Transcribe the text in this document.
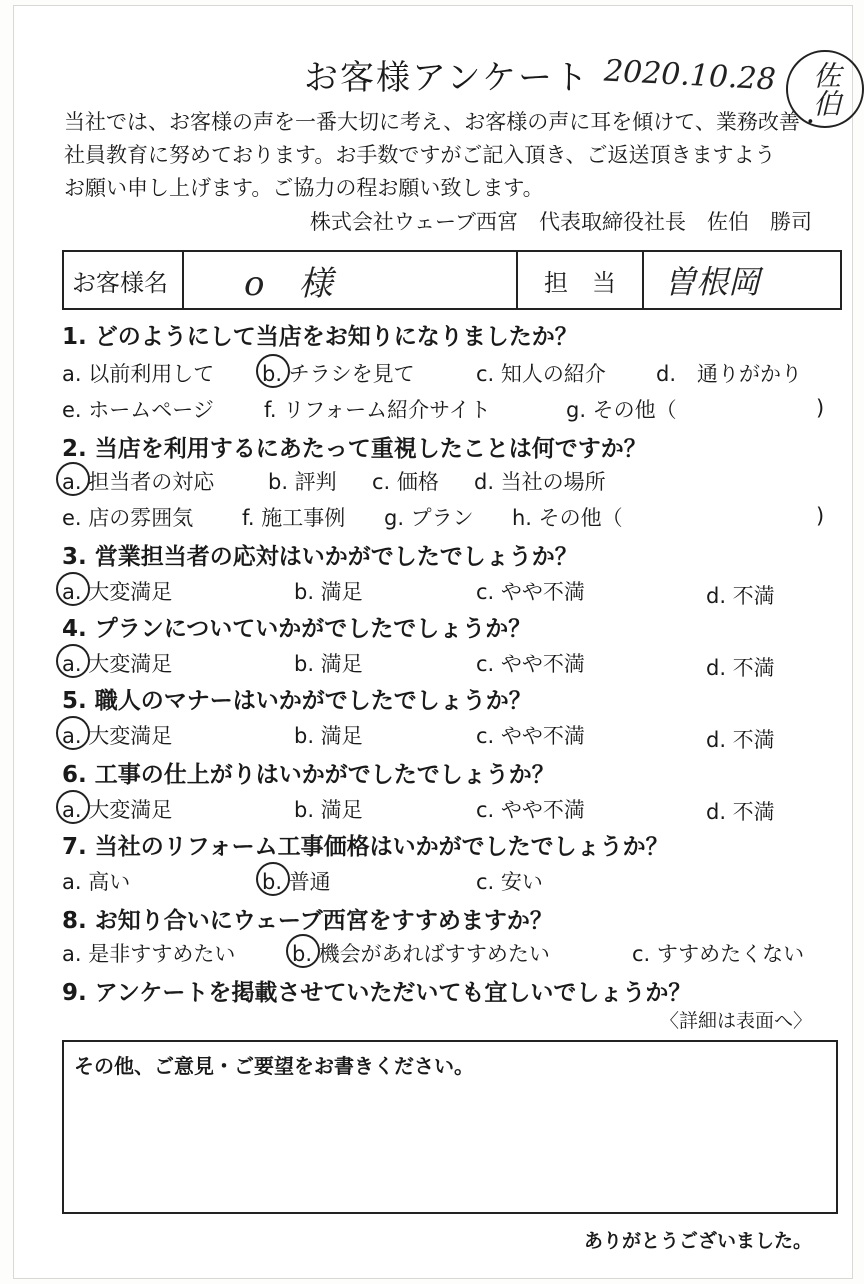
お客様アンケート 2020.10.28	佐伯
当社では、お客様の声を一番大切に考え、お客様の声に耳を傾けて、業務改善・
社員教育に努めております。お手数ですがご記入頂き、ご返送頂きますよう
お願い申し上げます。ご協力の程お願い致します。
株式会社ウェーブ西宮　代表取締役社長　佐伯　勝司
お客様名	o　様	担　当	曽根岡
1. どのようにして当店をお知りになりましたか？
a. 以前利用して b. チラシを見て	c. 知人の紹介 d.　通りがかり
e. ホームページ f. リフォーム紹介サイト	g. その他（	)
2. 当店を利用するにあたって重視したことは何ですか？
a. 担当者の対応	b. 評判 c. 価格 d. 当社の場所
e. 店の雰囲気 f. 施工事例 g. プラン h. その他（	)
3. 営業担当者の応対はいかがでしたでしょうか？
a. 大変満足	b. 満足	c. やや不満	d. 不満
4. プランについていかがでしたでしょうか？
a. 大変満足	b. 満足	c. やや不満	d. 不満
5. 職人のマナーはいかがでしたでしょうか？
a. 大変満足	b. 満足	c. やや不満	d. 不満
6. 工事の仕上がりはいかがでしたでしょうか？
a. 大変満足	b. 満足	c. やや不満	d. 不満
7. 当社のリフォーム工事価格はいかがでしたでしょうか？
a. 高い	b. 普通	c. 安い
8. お知り合いにウェーブ西宮をすすめますか？
a. 是非すすめたい	b. 機会があればすすめたい	c. すすめたくない
9. アンケートを掲載させていただいても宜しいでしょうか？
〈詳細は表面へ〉
その他、ご意見・ご要望をお書きください。
ありがとうございました。
